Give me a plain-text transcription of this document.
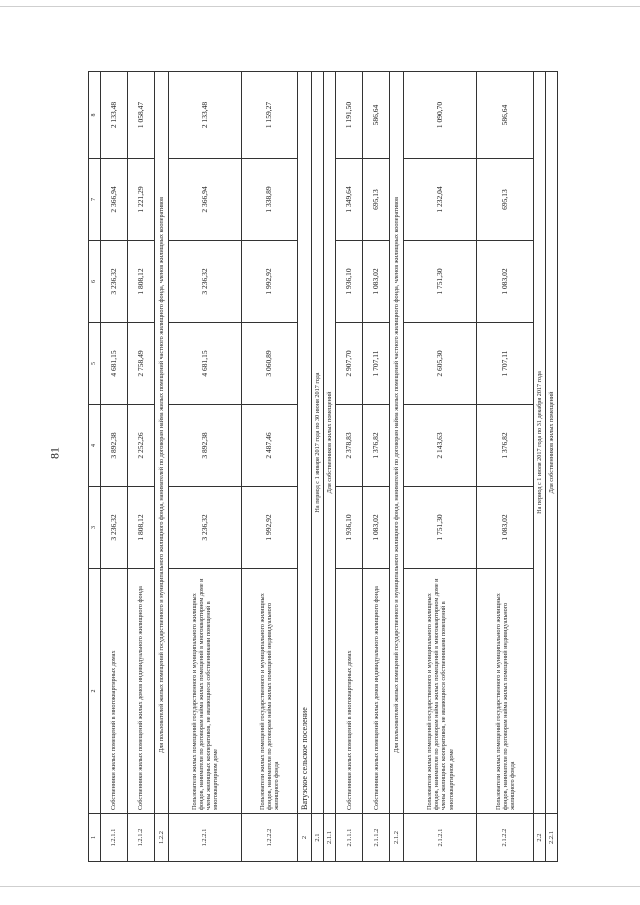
81
1	2	3	4	5	6	7	8
1.2.1.1	Собственники жилых помещений в многоквартирных домах	3 236,32	3 892,38	4 681,15	3 236,32	2 366,94	2 133,48
1.2.1.2	Собственники жилых помещений жилых домов индивидуального жилищного фонда	1 808,12	2 252,26	2 758,49	1 808,12	1 221,29	1 058,47
1.2.2	Для пользователей жилых помещений государственного и муниципального жилищного фонда, нанимателей по договорам найма жилых помещений частного жилищного фонда, членов жилищных кооперативов						
1.2.2.1	Пользователи жилых помещений государственного и муниципального жилищных фондов, наниматели по договорам найма жилых помещений в многоквартирном доме и члены жилищных кооперативов, не являющиеся собственниками помещений в многоквартирном доме	3 236,32	3 892,38	4 681,15	3 236,32	2 366,94	2 133,48
1.2.2.2	Пользователи жилых помещений государственного и муниципального жилищных фондов, наниматели по договорам найма жилых помещений индивидуального жилищного фонда	1 992,92	2 487,46	3 060,89	1 992,92	1 338,89	1 159,27
2	Ватузское сельское поселение						
2.1	На период с 1 января 2017 года по 30 июня 2017 года						
2.1.1	Для собственников жилых помещений						
2.1.1.1	Собственники жилых помещений в многоквартирных домах	1 936,10	2 378,83	2 907,70	1 936,10	1 349,64	1 191,50
2.1.1.2	Собственники жилых помещений жилых домов индивидуального жилищного фонда	1 083,02	1 376,82	1 707,11	1 083,02	695,13	586,64
2.1.2	Для пользователей жилых помещений государственного и муниципального жилищного фонда, нанимателей по договорам найма жилых помещений частного жилищного фонда, членов жилищных кооперативов						
2.1.2.1	Пользователи жилых помещений государственного и муниципального жилищных фондов, наниматели по договорам найма жилых помещений в многоквартирном доме и члены жилищных кооперативов, не являющиеся собственниками помещений в многоквартирном доме	1 751,30	2 143,63	2 605,30	1 751,30	1 232,04	1 090,70
2.1.2.2	Пользователи жилых помещений государственного и муниципального жилищных фондов, наниматели по договорам найма жилых помещений индивидуального жилищного фонда	1 083,02	1 376,82	1 707,11	1 083,02	695,13	586,64
2.2	На период с 1 июля 2017 года по 31 декабря 2017 года						
2.2.1	Для собственников жилых помещений						
